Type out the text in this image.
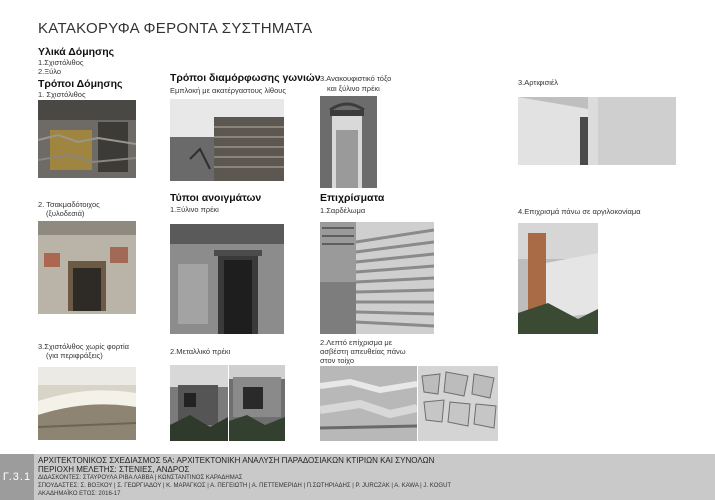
ΚΑΤΑΚΟΡΥΦΑ ΦΕΡΟΝΤΑ ΣΥΣΤΗΜΑΤΑ
Υλικά Δόμησης
1.Σχιστόλιθος
2.Ξύλο
Τρόποι Δόμησης
1. Σχιστόλιθος
2. Τσακμαδότοιχος
(ξυλοδεσιά)
3.Σχιστόλιθος χωρίς φορτία
(για περιφράξεις)
Τρόποι διαμόρφωσης γωνιών
Εμπλοκή με ακατέργαστους λίθους
Τύποι ανοιγμάτων
1.Ξύλινο πρέκι
2.Μεταλλικό πρέκι
3.Ανακουφιστικό τόξο
και ξύλινο πρέκι
Επιχρίσματα
1.Σαρδέλωμα
2.Λεπτό επίχρισμα με
ασβέστη απευθείας πάνω
στον τοίχο
3.Αρτιφισιέλ
4.Επιχρισμά πάνω σε αργιλοκονίαμα
Γ.3.1
ΑΡΧΙΤΕΚΤΟΝΙΚΟΣ ΣΧΕΔΙΑΣΜΟΣ 5Α: ΑΡΧΙΤΕΚΤΟΝΙΚΗ ΑΝΑΛΥΣΗ ΠΑΡΑΔΟΣΙΑΚΩΝ ΚΤΙΡΙΩΝ ΚΑΙ ΣΥΝΟΛΩΝ
ΠΕΡΙΟΧΗ ΜΕΛΕΤΗΣ: ΣΤΕΝΙΕΣ, ΑΝΔΡΟΣ
ΔΙΔΑΣΚΟΝΤΕΣ: ΣΤΑΥΡΟΥΛΑ ΡΙΒΑ ΛΑΒΒΑ | ΚΩΝΣΤΑΝΤΙΝΟΣ ΚΑΡΑΔΗΜΑΣ
ΣΠΟΥΔΑΣΤΕΣ: Σ. ΒΟΞΚΟΥ | Σ. ΓΕΩΡΓΙΑΔΟΥ | Κ. ΜΑΡΑΓΚΟΣ | Α. ΠΕΓΕΙΩΤΗ | Α. ΠΕΤΤΕΜΕΡΙΔΗ | Π.ΣΩΤΗΡΙΑΔΗΣ | P. JURCZAK | A. KAWA | J. KOGUT
ΑΚΑΔΗΜΑΪΚΟ ΕΤΟΣ: 2016-17
